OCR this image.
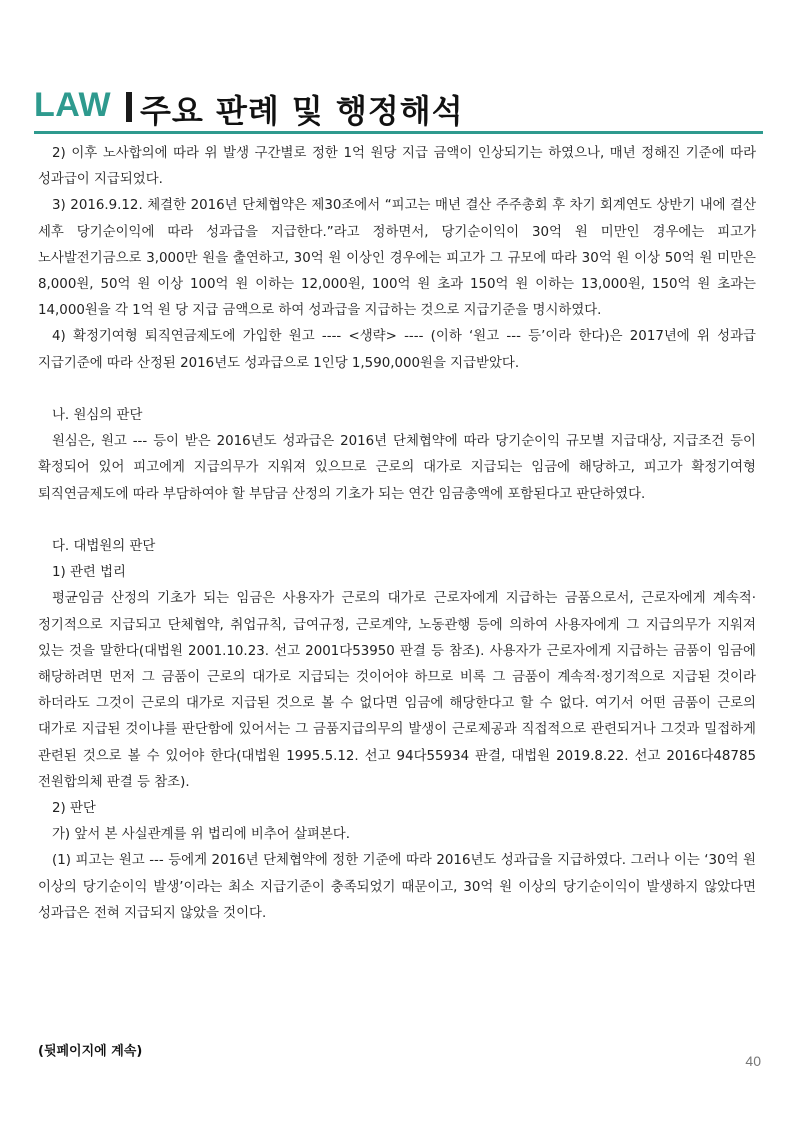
LAW 주요 판례 및 행정해석

2) 이후 노사합의에 따라 위 발생 구간별로 정한 1억 원당 지급 금액이 인상되기는 하였으나, 매년 정해진 기준에 따라 성과급이 지급되었다.

3) 2016.9.12. 체결한 2016년 단체협약은 제30조에서 “피고는 매년 결산 주주총회 후 차기 회계연도 상반기 내에 결산 세후 당기순이익에 따라 성과급을 지급한다.”라고 정하면서, 당기순이익이 30억 원 미만인 경우에는 피고가 노사발전기금으로 3,000만 원을 출연하고, 30억 원 이상인 경우에는 피고가 그 규모에 따라 30억 원 이상 50억 원 미만은 8,000원, 50억 원 이상 100억 원 이하는 12,000원, 100억 원 초과 150억 원 이하는 13,000원, 150억 원 초과는 14,000원을 각 1억 원 당 지급 금액으로 하여 성과급을 지급하는 것으로 지급기준을 명시하였다.

4) 확정기여형 퇴직연금제도에 가입한 원고 ---- <생략> ---- (이하 ‘원고 --- 등’이라 한다)은 2017년에 위 성과급 지급기준에 따라 산정된 2016년도 성과급으로 1인당 1,590,000원을 지급받았다.

나. 원심의 판단

원심은, 원고 --- 등이 받은 2016년도 성과급은 2016년 단체협약에 따라 당기순이익 규모별 지급대상, 지급조건 등이 확정되어 있어 피고에게 지급의무가 지워져 있으므로 근로의 대가로 지급되는 임금에 해당하고, 피고가 확정기여형 퇴직연금제도에 따라 부담하여야 할 부담금 산정의 기초가 되는 연간 임금총액에 포함된다고 판단하였다.

다. 대법원의 판단

1) 관련 법리

평균임금 산정의 기초가 되는 임금은 사용자가 근로의 대가로 근로자에게 지급하는 금품으로서, 근로자에게 계속적·정기적으로 지급되고 단체협약, 취업규칙, 급여규정, 근로계약, 노동관행 등에 의하여 사용자에게 그 지급의무가 지워져 있는 것을 말한다(대법원 2001.10.23. 선고 2001다53950 판결 등 참조). 사용자가 근로자에게 지급하는 금품이 임금에 해당하려면 먼저 그 금품이 근로의 대가로 지급되는 것이어야 하므로 비록 그 금품이 계속적·정기적으로 지급된 것이라 하더라도 그것이 근로의 대가로 지급된 것으로 볼 수 없다면 임금에 해당한다고 할 수 없다. 여기서 어떤 금품이 근로의 대가로 지급된 것이냐를 판단함에 있어서는 그 금품지급의무의 발생이 근로제공과 직접적으로 관련되거나 그것과 밀접하게 관련된 것으로 볼 수 있어야 한다(대법원 1995.5.12. 선고 94다55934 판결, 대법원 2019.8.22. 선고 2016다48785 전원합의체 판결 등 참조).

2) 판단

가) 앞서 본 사실관계를 위 법리에 비추어 살펴본다.

(1) 피고는 원고 --- 등에게 2016년 단체협약에 정한 기준에 따라 2016년도 성과급을 지급하였다. 그러나 이는 ‘30억 원 이상의 당기순이익 발생’이라는 최소 지급기준이 충족되었기 때문이고, 30억 원 이상의 당기순이익이 발생하지 않았다면 성과급은 전혀 지급되지 않았을 것이다.

(뒷페이지에 계속)
40
